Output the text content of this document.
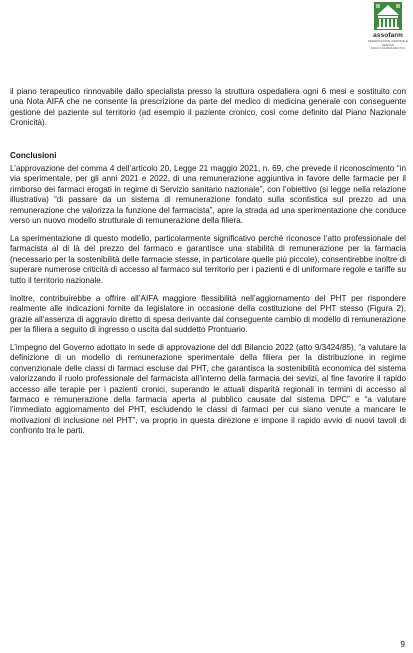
assofarm
FEDERAZIONE AZIENDE E SERVIZI
SOCIO-FARMACEUTICI

il piano terapeutico rinnovabile dallo specialista presso la struttura ospedaliera ogni 6 mesi e sostituito con una Nota AIFA che ne consente la prescrizione da parte del medico di medicina generale con conseguente gestione del paziente sul territorio (ad esempio il paziente cronico, così come definito dal Piano Nazionale Cronicità).

Conclusioni

L’approvazione del comma 4 dell’articolo 20, Legge 21 maggio 2021, n. 69, che prevede il riconoscimento “in via sperimentale, per gli anni 2021 e 2022, di una remunerazione aggiuntiva in favore delle farmacie per il rimborso dei farmaci erogati in regime di Servizio sanitario nazionale”, con l’obiettivo (si legge nella relazione illustrativa) “di passare da un sistema di remunerazione fondato sulla scontistica sul prezzo ad una remunerazione che valorizza la funzione del farmacista”, apre la strada ad una sperimentazione che conduce verso un nuovo modello strutturale di remunerazione della filiera.

La sperimentazione di questo modello, particolarmente significativo perché riconosce l’atto professionale del farmacista al di là del prezzo del farmaco e garantisce una stabilità di remunerazione per la farmacia (necessario per la sostenibilità delle farmacie stesse, in particolare quelle più piccole), consentirebbe inoltre di superare numerose criticità di accesso al farmaco sul territorio per i pazienti e di uniformare regole e tariffe su tutto il territorio nazionale.

Inoltre, contribuirebbe a offrire all’AIFA maggiore flessibilità nell’aggiornamento del PHT per rispondere realmente alle indicazioni fornite da legislatore in occasione della costituzione del PHT stesso (Figura 2), grazie all’assenza di aggravio diretto di spesa derivante dal conseguente cambio di modello di remunerazione per la filiera a seguito di ingresso o uscita dal suddetto Prontuario.

L’impegno del Governo adottato in sede di approvazione del ddl Bilancio 2022 (atto 9/3424/85), “a valutare la definizione di un modello di remunerazione sperimentale della filiera per la distribuzione in regime convenzionale delle classi di farmaci escluse dal PHT, che garantisca la sostenibilità economica del sistema valorizzando il ruolo professionale del farmacista all’interno della farmacia dei sevizi, al fine favorire il rapido accesso alle terapie per i pazienti cronici, superando le attuali disparità regionali in termini di accesso al farmaco e remunerazione della farmacia aperta al pubblico causate dal sistema DPC” e “a valutare l’immediato aggiornamento del PHT, escludendo le classi di farmaci per cui siano venute a mancare le motivazioni di inclusione nel PHT”, va proprio in questa direzione e impone il rapido avvio di nuovi tavoli di confronto tra le parti.

9
